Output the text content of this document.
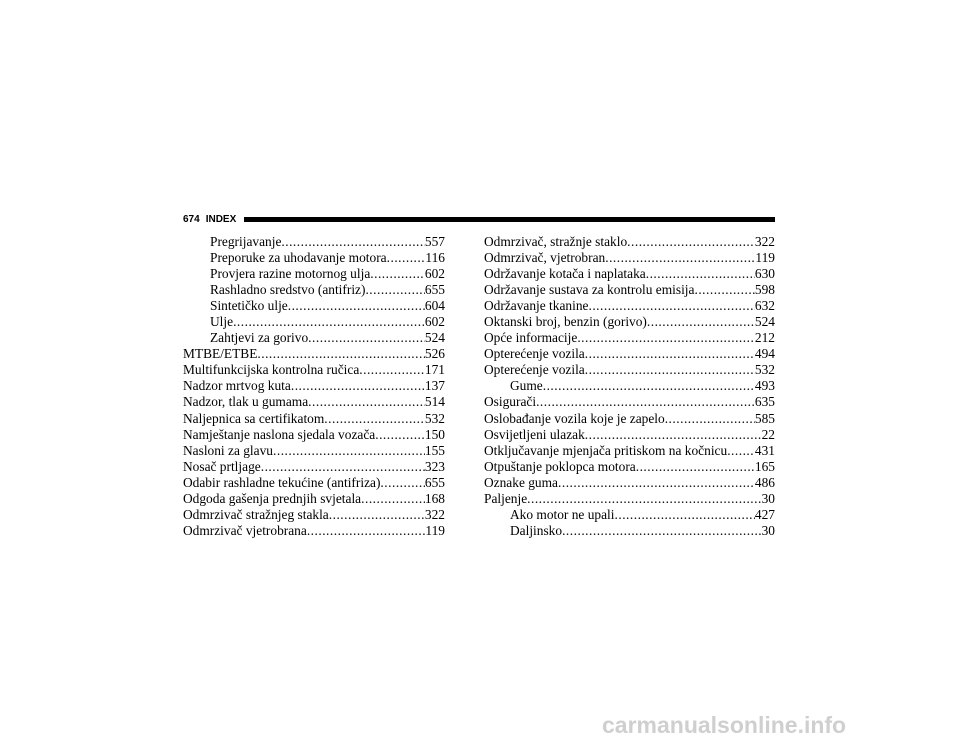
674 INDEX
Pregrijavanje .....	557
Preporuke za uhodavanje motora .....	116
Provjera razine motornog ulja .....	602
Rashladno sredstvo (antifriz) .....	655
Sintetičko ulje .....	604
Ulje .....	602
Zahtjevi za gorivo .....	524
MTBE/ETBE .....	526
Multifunkcijska kontrolna ručica .....	171
Nadzor mrtvog kuta .....	137
Nadzor, tlak u gumama .....	514
Naljepnica sa certifikatom .....	532
Namještanje naslona sjedala vozača .....	150
Nasloni za glavu .....	155
Nosač prtljage .....	323
Odabir rashladne tekućine (antifriza) .....	655
Odgoda gašenja prednjih svjetala .....	168
Odmrzivač stražnjeg stakla .....	322
Odmrzivač vjetrobrana .....	119
Odmrzivač, stražnje staklo .....	322
Odmrzivač, vjetrobran .....	119
Održavanje kotača i naplataka .....	630
Održavanje sustava za kontrolu emisija .....	598
Održavanje tkanine .....	632
Oktanski broj, benzin (gorivo) .....	524
Opće informacije .....	212
Opterećenje vozila .....	494
Opterećenje vozila .....	532
Gume .....	493
Osigurači .....	635
Oslobađanje vozila koje je zapelo .....	585
Osvijetljeni ulazak .....	22
Otključavanje mjenjača pritiskom na kočnicu ..... 431
Otpuštanje poklopca motora .....	165
Oznake guma .....	486
Paljenje .....	30
Ako motor ne upali .....	427
Daljinsko .....	30
carmanualsonline.info
